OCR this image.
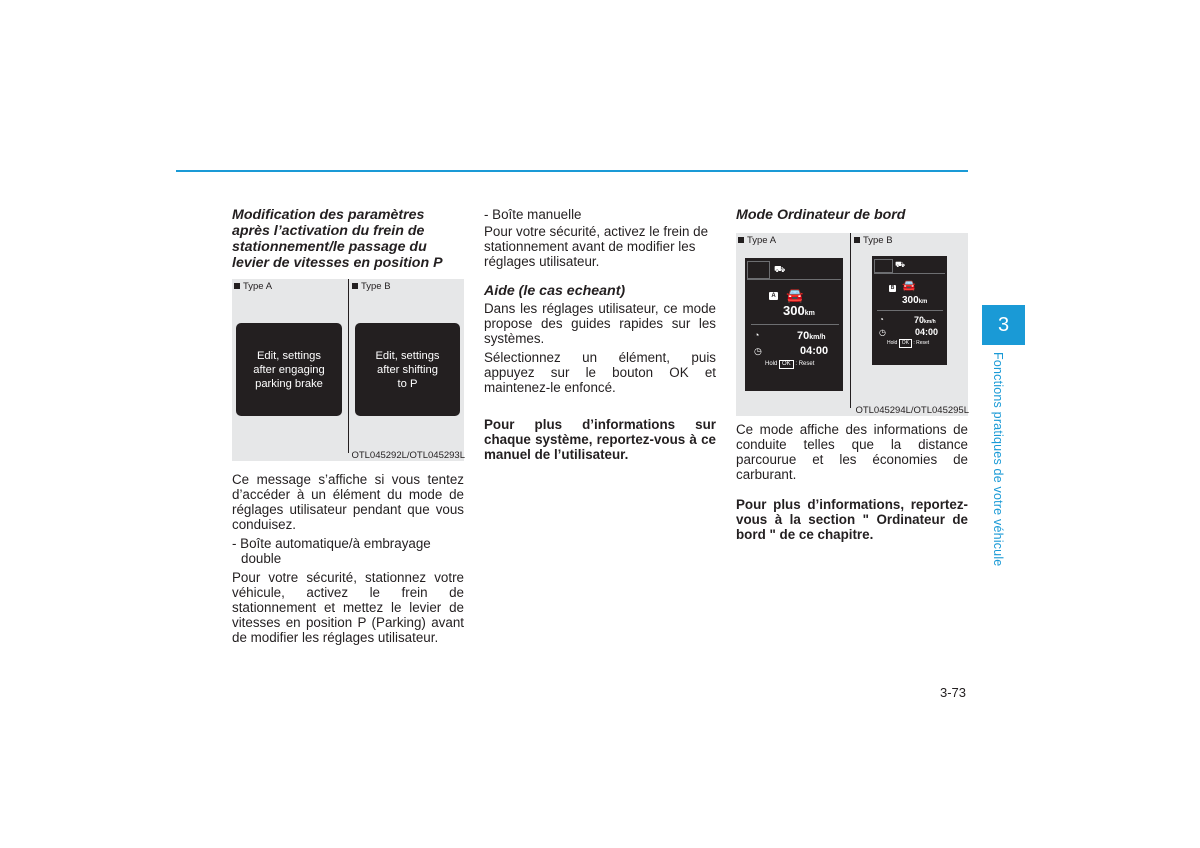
Modification des paramètres après l’activation du frein de stationnement/le passage du levier de vitesses en position P

Type A	Type B
Edit, settings
after engaging
parking brake
Edit, settings
after shifting
to P
OTL045292L/OTL045293L

Ce message s’affiche si vous tentez d’accéder à un élément du mode de réglages utilisateur pendant que vous conduisez.

- Boîte automatique/à embrayage

double

Pour votre sécurité, stationnez votre véhicule, activez le frein de stationnement et mettez le levier de vitesses en position P (Parking) avant de modifier les réglages utilisateur.

- Boîte manuelle

Pour votre sécurité, activez le frein de stationnement avant de modifier les réglages utilisateur.

Aide (le cas echeant)

Dans les réglages utilisateur, ce mode propose des guides rapides sur les systèmes.

Sélectionnez un élément, puis appuyez sur le bouton OK et maintenez-le enfoncé.

Pour plus d’informations sur chaque système, reportez-vous à ce manuel de l’utilisateur.

Mode Ordinateur de bord

Type A	Type B
⛟
A 🚘
300km
◔	70km/h
◷	04:00
Hold OK : Reset
⛟
B 🚘
300km
◔	70km/h
◷	04:00
Hold OK : Reset
OTL045294L/OTL045295L

Ce mode affiche des informations de conduite telles que la distance parcourue et les économies de carburant.

Pour plus d’informations, reportez-vous à la section " Ordinateur de bord " de ce chapitre.

3
Fonctions pratiques de votre véhicule
3-73
